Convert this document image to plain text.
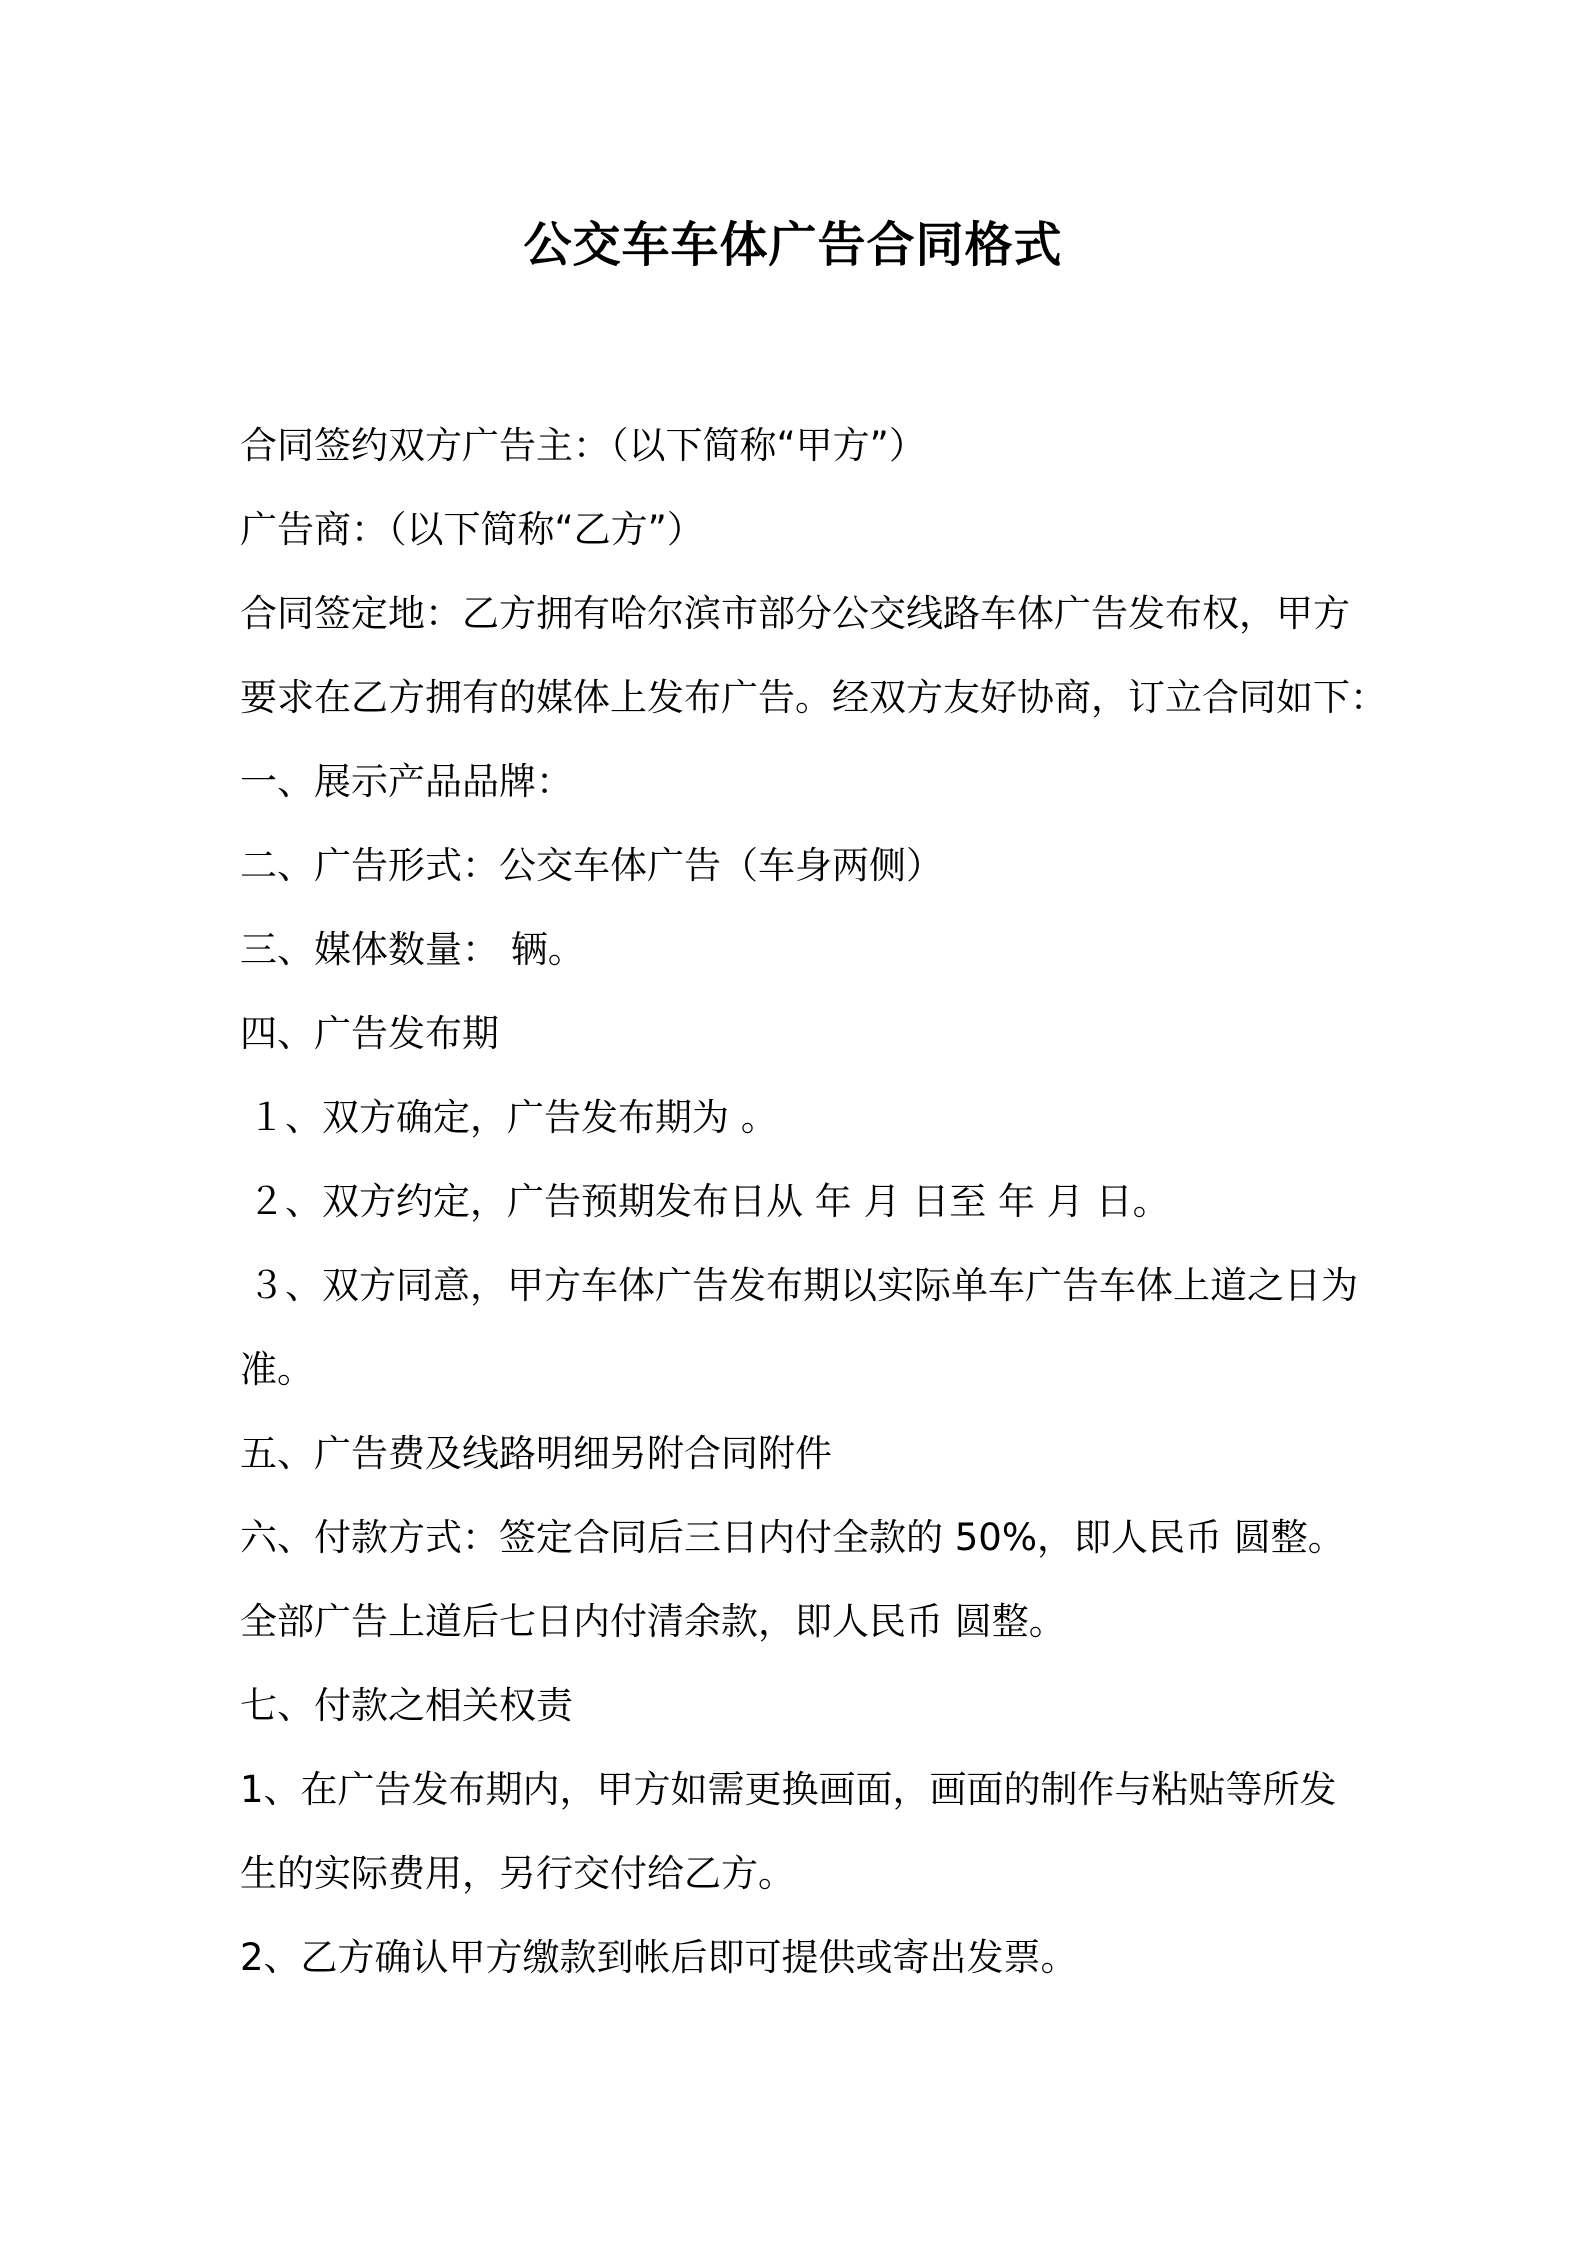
公交车车体广告合同格式
合同签约双方广告主：（以下简称“甲方”）
广告商：（以下简称“乙方”）
合同签定地：乙方拥有哈尔滨市部分公交线路车体广告发布权，甲方
要求在乙方拥有的媒体上发布广告。经双方友好协商，订立合同如下：
一、展示产品品牌：
二、广告形式：公交车体广告（车身两侧）
三、媒体数量： 辆。
四、广告发布期
１、双方确定，广告发布期为 。
２、双方约定，广告预期发布日从 年 月 日至 年 月 日。
３、双方同意，甲方车体广告发布期以实际单车广告车体上道之日为
准。
五、广告费及线路明细另附合同附件
六、付款方式：签定合同后三日内付全款的 50%，即人民币 圆整。
全部广告上道后七日内付清余款，即人民币 圆整。
七、付款之相关权责
1、在广告发布期内，甲方如需更换画面，画面的制作与粘贴等所发
生的实际费用，另行交付给乙方。
2、乙方确认甲方缴款到帐后即可提供或寄出发票。
